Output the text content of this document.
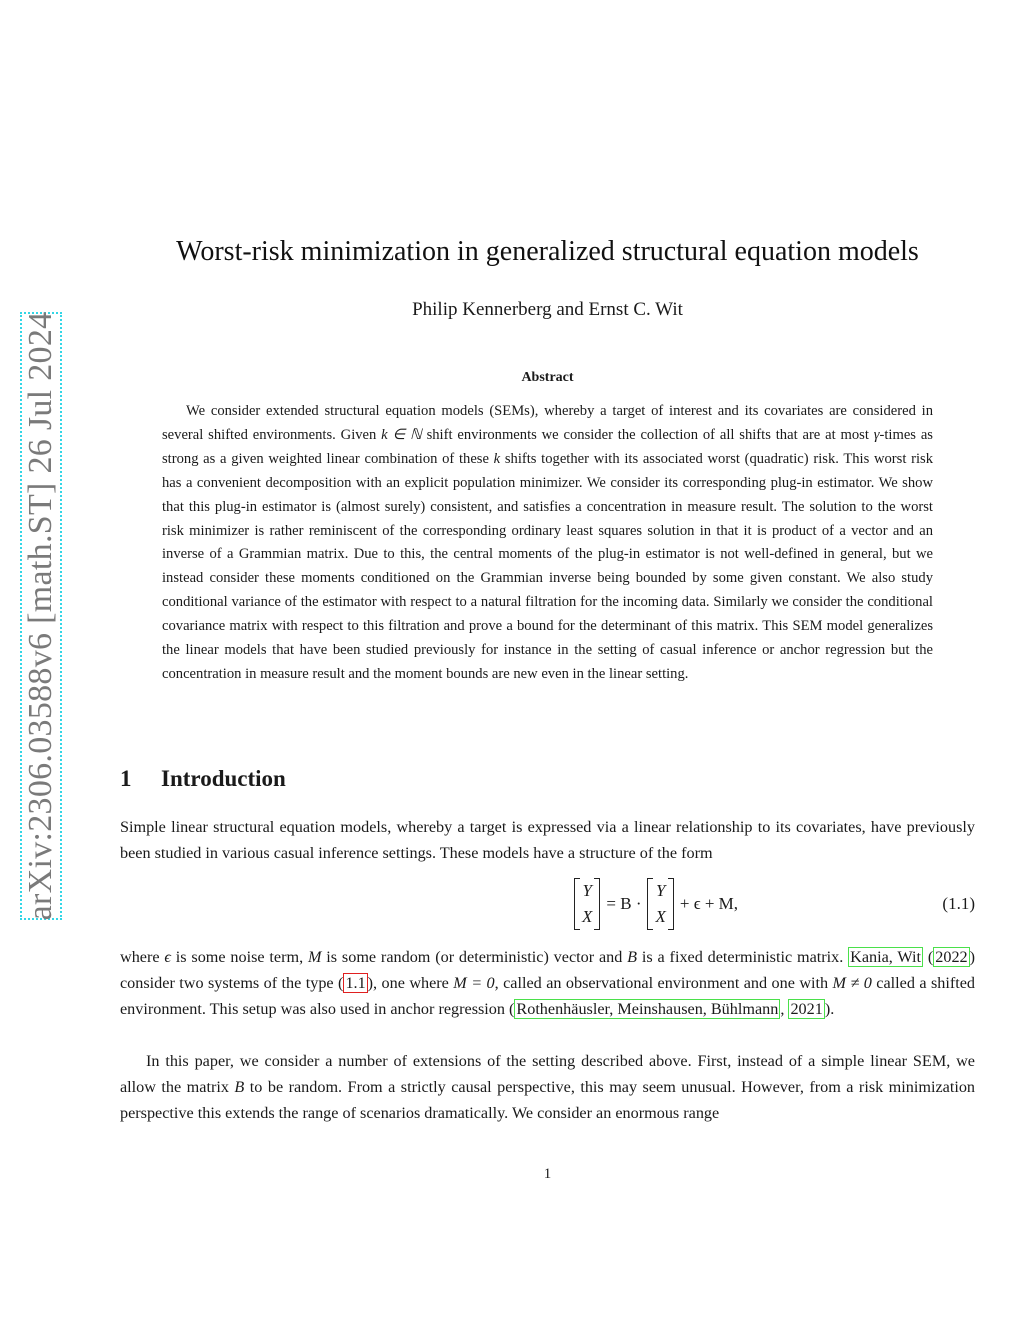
arXiv:2306.03588v6 [math.ST] 26 Jul 2024
Worst-risk minimization in generalized structural equation models
Philip Kennerberg and Ernst C. Wit
Abstract

We consider extended structural equation models (SEMs), whereby a target of interest and its covariates are considered in several shifted environments. Given k ∈ ℕ shift environments we consider the collection of all shifts that are at most γ-times as strong as a given weighted linear combination of these k shifts together with its associated worst (quadratic) risk. This worst risk has a convenient decomposition with an explicit population minimizer. We consider its corresponding plug-in estimator. We show that this plug-in estimator is (almost surely) consistent, and satisfies a concentration in measure result. The solution to the worst risk minimizer is rather reminiscent of the corresponding ordinary least squares solution in that it is product of a vector and an inverse of a Grammian matrix. Due to this, the central moments of the plug-in estimator is not well-defined in general, but we instead consider these moments conditioned on the Grammian inverse being bounded by some given constant. We also study conditional variance of the estimator with respect to a natural filtration for the incoming data. Similarly we consider the conditional covariance matrix with respect to this filtration and prove a bound for the determinant of this matrix. This SEM model generalizes the linear models that have been studied previously for instance in the setting of casual inference or anchor regression but the concentration in measure result and the moment bounds are new even in the linear setting.

1 Introduction

Simple linear structural equation models, whereby a target is expressed via a linear relationship to its covariates, have previously been studied in various casual inference settings. These models have a structure of the form

Y
X
= B ·
Y
X
+ ϵ + M,	(1.1)

where ϵ is some noise term, M is some random (or deterministic) vector and B is a fixed deterministic matrix. Kania, Wit ( 2022 ) consider two systems of the type ( 1.1 ), one where M = 0, called an observational environment and one with M ≠ 0 called a shifted environment. This setup was also used in anchor regression ( Rothenhäusler, Meinshausen, Bühlmann , 2021 ).

In this paper, we consider a number of extensions of the setting described above. First, instead of a simple linear SEM, we allow the matrix B to be random. From a strictly causal perspective, this may seem unusual. However, from a risk minimization perspective this extends the range of scenarios dramatically. We consider an enormous range

1
